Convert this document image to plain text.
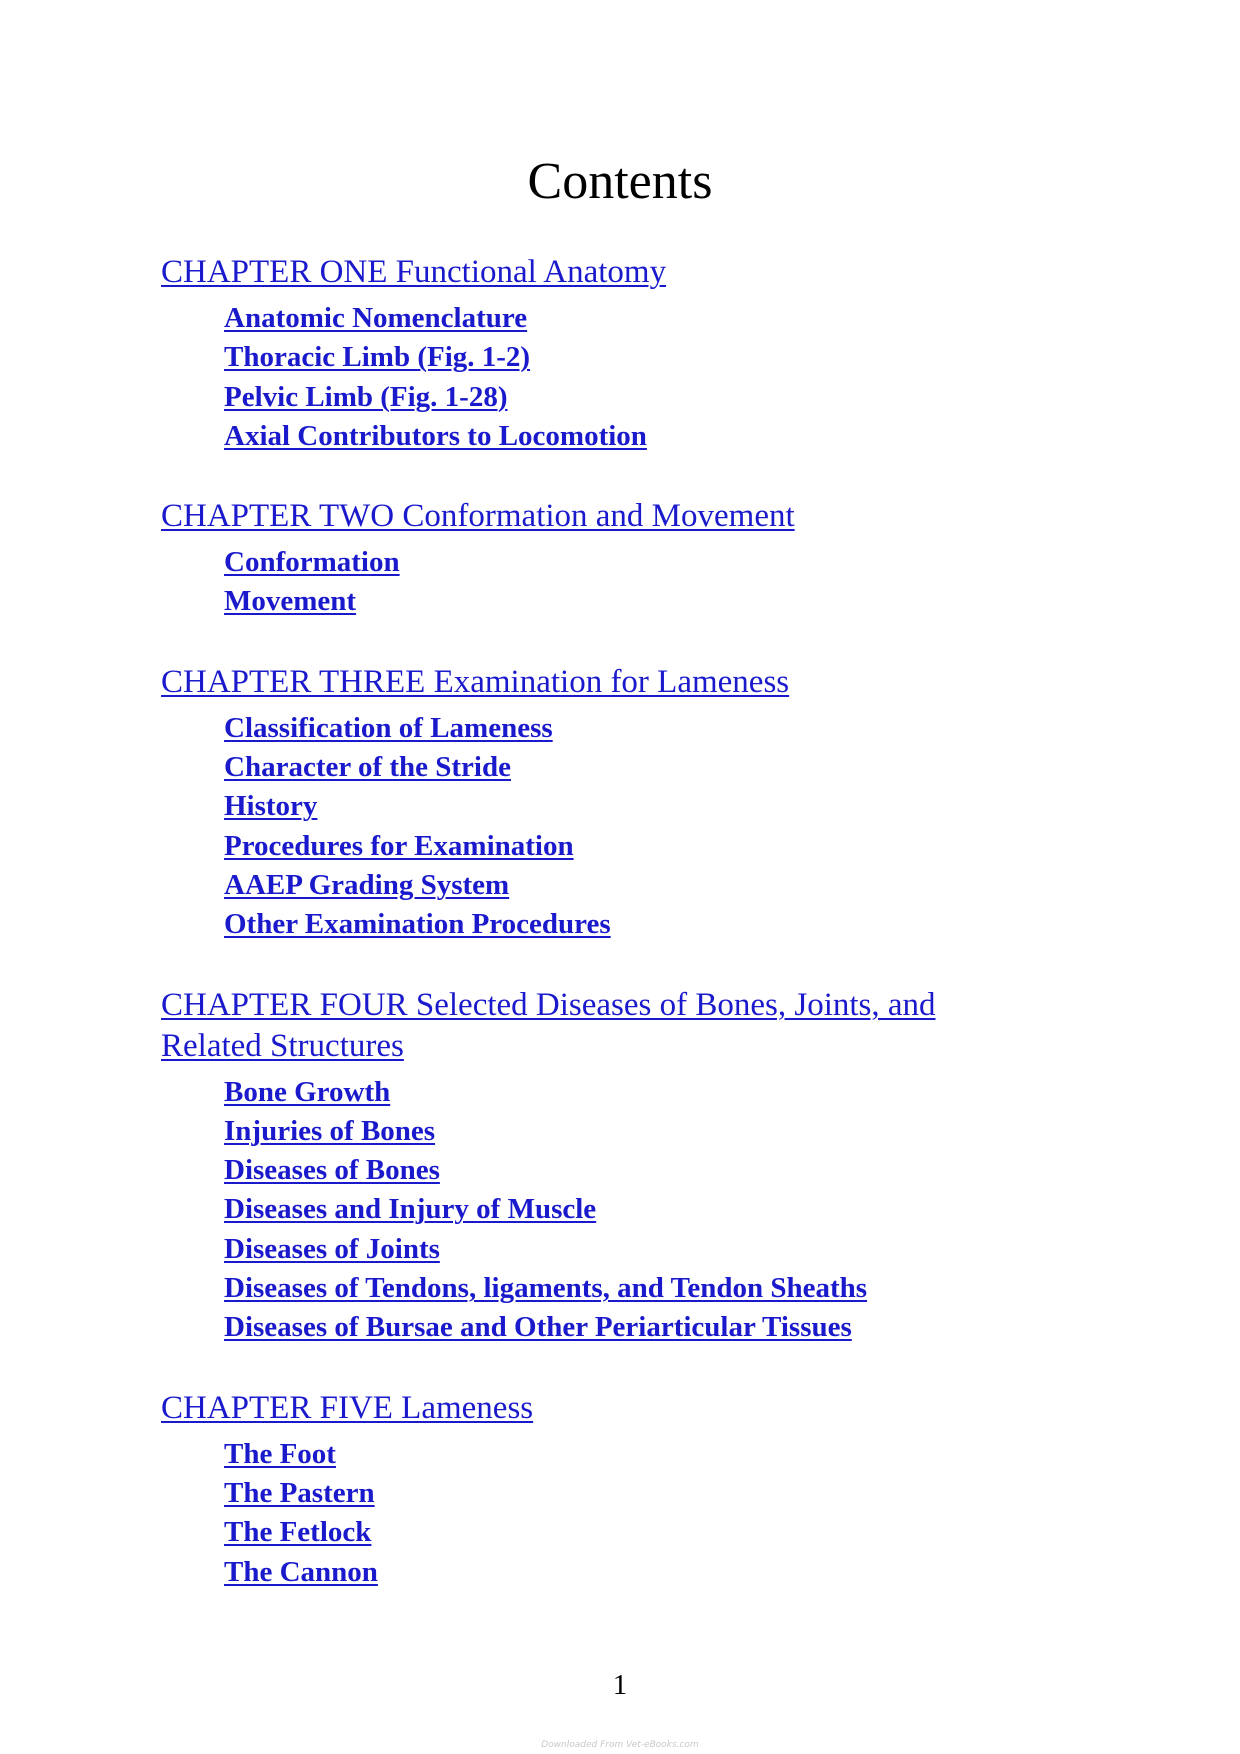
Contents
CHAPTER ONE Functional Anatomy
Anatomic Nomenclature
Thoracic Limb (Fig. 1-2)
Pelvic Limb (Fig. 1-28)
Axial Contributors to Locomotion
CHAPTER TWO Conformation and Movement
Conformation
Movement
CHAPTER THREE Examination for Lameness
Classification of Lameness
Character of the Stride
History
Procedures for Examination
AAEP Grading System
Other Examination Procedures
CHAPTER FOUR Selected Diseases of Bones, Joints, and Related Structures
Bone Growth
Injuries of Bones
Diseases of Bones
Diseases and Injury of Muscle
Diseases of Joints
Diseases of Tendons, ligaments, and Tendon Sheaths
Diseases of Bursae and Other Periarticular Tissues
CHAPTER FIVE Lameness
The Foot
The Pastern
The Fetlock
The Cannon
1
Downloaded From Vet-eBooks.com
